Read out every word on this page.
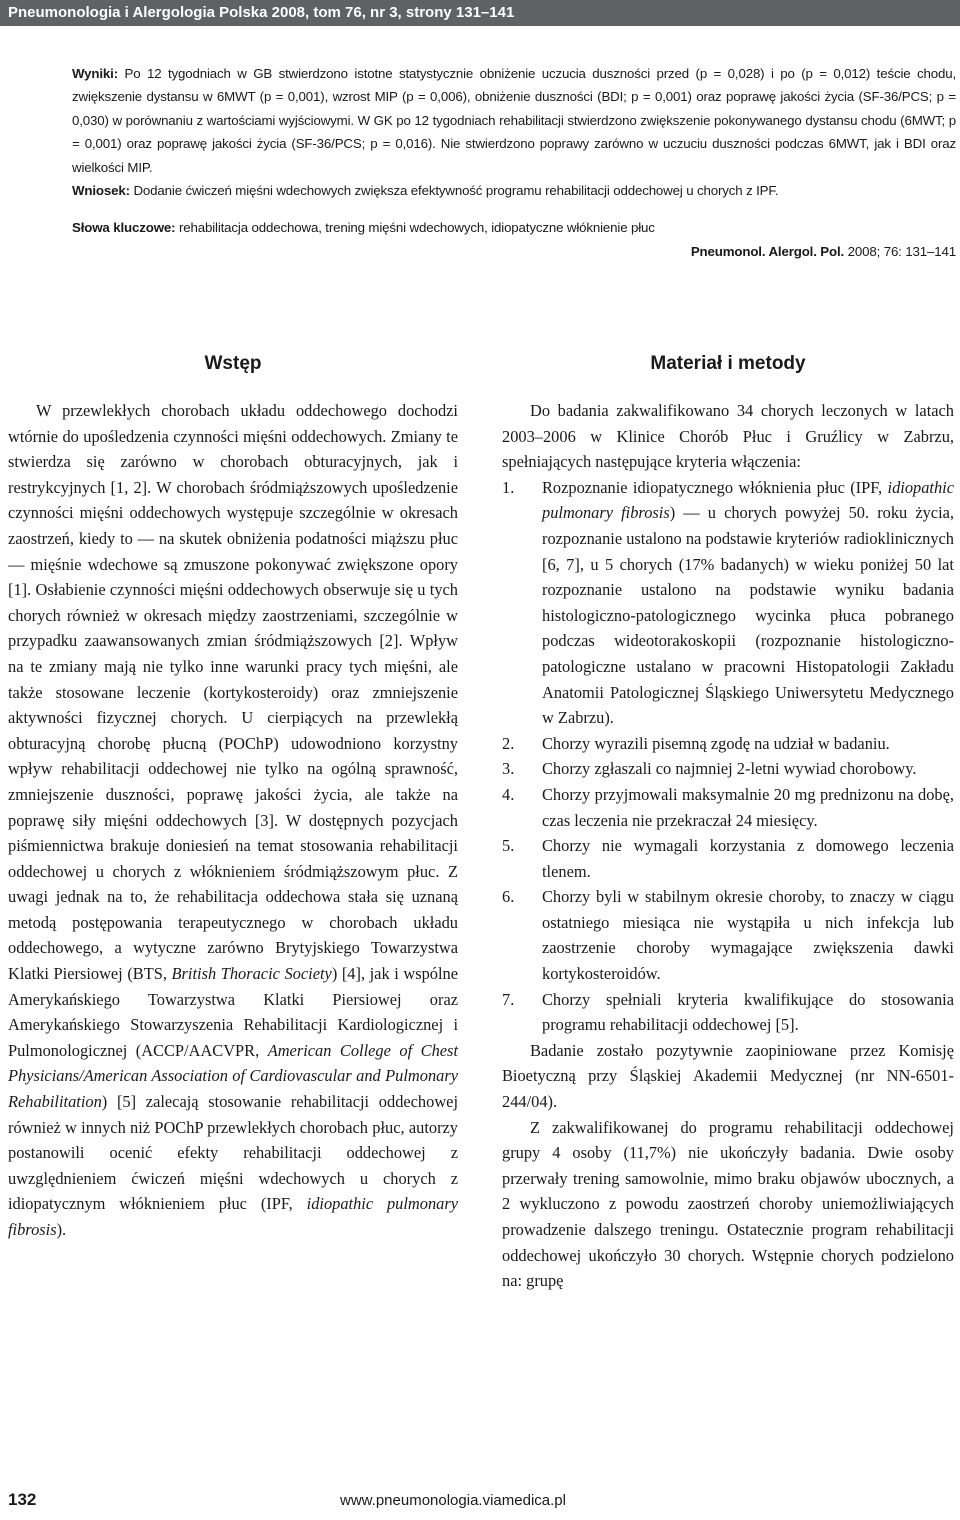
Pneumonologia i Alergologia Polska 2008, tom 76, nr 3, strony 131–141

Wyniki: Po 12 tygodniach w GB stwierdzono istotne statystycznie obniżenie uczucia duszności przed (p = 0,028) i po (p = 0,012) teście chodu, zwiększenie dystansu w 6MWT (p = 0,001), wzrost MIP (p = 0,006), obniżenie duszności (BDI; p = 0,001) oraz poprawę jakości życia (SF-36/PCS; p = 0,030) w porównaniu z wartościami wyjściowymi. W GK po 12 tygodniach rehabilitacji stwierdzono zwiększenie pokonywanego dystansu chodu (6MWT; p = 0,001) oraz poprawę jakości życia (SF-36/PCS; p = 0,016). Nie stwierdzono poprawy zarówno w uczuciu duszności podczas 6MWT, jak i BDI oraz wielkości MIP.

Wniosek: Dodanie ćwiczeń mięśni wdechowych zwiększa efektywność programu rehabilitacji oddechowej u chorych z IPF.

Słowa kluczowe: rehabilitacja oddechowa, trening mięśni wdechowych, idiopatyczne włóknienie płuc

Pneumonol. Alergol. Pol. 2008; 76: 131–141

Wstęp

W przewlekłych chorobach układu oddechowego dochodzi wtórnie do upośledzenia czynności mięśni oddechowych. Zmiany te stwierdza się zarówno w chorobach obturacyjnych, jak i restrykcyjnych [1, 2]. W chorobach śródmiąższowych upośledzenie czynności mięśni oddechowych występuje szczególnie w okresach zaostrzeń, kiedy to — na skutek obniżenia podatności miąższu płuc — mięśnie wdechowe są zmuszone pokonywać zwiększone opory [1]. Osłabienie czynności mięśni oddechowych obserwuje się u tych chorych również w okresach między zaostrzeniami, szczególnie w przypadku zaawansowanych zmian śródmiąższowych [2]. Wpływ na te zmiany mają nie tylko inne warunki pracy tych mięśni, ale także stosowane leczenie (kortykosteroidy) oraz zmniejszenie aktywności fizycznej chorych. U cierpiących na przewlekłą obturacyjną chorobę płucną (POChP) udowodniono korzystny wpływ rehabilitacji oddechowej nie tylko na ogólną sprawność, zmniejszenie duszności, poprawę jakości życia, ale także na poprawę siły mięśni oddechowych [3]. W dostępnych pozycjach piśmiennictwa brakuje doniesień na temat stosowania rehabilitacji oddechowej u chorych z włóknieniem śródmiąższowym płuc. Z uwagi jednak na to, że rehabilitacja oddechowa stała się uznaną metodą postępowania terapeutycznego w chorobach układu oddechowego, a wytyczne zarówno Brytyjskiego Towarzystwa Klatki Piersiowej (BTS, British Thoracic Society) [4], jak i wspólne Amerykańskiego Towarzystwa Klatki Piersiowej oraz Amerykańskiego Stowarzyszenia Rehabilitacji Kardiologicznej i Pulmonologicznej (ACCP/AACVPR, American College of Chest Physicians/American Association of Cardiovascular and Pulmonary Rehabilitation) [5] zalecają stosowanie rehabilitacji oddechowej również w innych niż POChP przewlekłych chorobach płuc, autorzy postanowili ocenić efekty rehabilitacji oddechowej z uwzględnieniem ćwiczeń mięśni wdechowych u chorych z idiopatycznym włóknieniem płuc (IPF, idiopathic pulmonary fibrosis).

Materiał i metody

Do badania zakwalifikowano 34 chorych leczonych w latach 2003–2006 w Klinice Chorób Płuc i Gruźlicy w Zabrzu, spełniających następujące kryteria włączenia:

1. Rozpoznanie idiopatycznego włóknienia płuc (IPF, idiopathic pulmonary fibrosis) — u chorych powyżej 50. roku życia, rozpoznanie ustalono na podstawie kryteriów radioklinicznych [6, 7], u 5 chorych (17% badanych) w wieku poniżej 50 lat rozpoznanie ustalono na podstawie wyniku badania histologiczno-patologicznego wycinka płuca pobranego podczas wideotorakoskopii (rozpoznanie histologiczno-patologiczne ustalano w pracowni Histopatologii Zakładu Anatomii Patologicznej Śląskiego Uniwersytetu Medycznego w Zabrzu).
2. Chorzy wyrazili pisemną zgodę na udział w badaniu.
3. Chorzy zgłaszali co najmniej 2-letni wywiad chorobowy.
4. Chorzy przyjmowali maksymalnie 20 mg prednizonu na dobę, czas leczenia nie przekraczał 24 miesięcy.
5. Chorzy nie wymagali korzystania z domowego leczenia tlenem.
6. Chorzy byli w stabilnym okresie choroby, to znaczy w ciągu ostatniego miesiąca nie wystąpiła u nich infekcja lub zaostrzenie choroby wymagające zwiększenia dawki kortykosteroidów.
7. Chorzy spełniali kryteria kwalifikujące do stosowania programu rehabilitacji oddechowej [5].

Badanie zostało pozytywnie zaopiniowane przez Komisję Bioetyczną przy Śląskiej Akademii Medycznej (nr NN-6501-244/04).

Z zakwalifikowanej do programu rehabilitacji oddechowej grupy 4 osoby (11,7%) nie ukończyły badania. Dwie osoby przerwały trening samowolnie, mimo braku objawów ubocznych, a 2 wykluczono z powodu zaostrzeń choroby uniemożliwiających prowadzenie dalszego treningu. Ostatecznie program rehabilitacji oddechowej ukończyło 30 chorych. Wstępnie chorych podzielono na: grupę

132	www.pneumonologia.viamedica.pl
